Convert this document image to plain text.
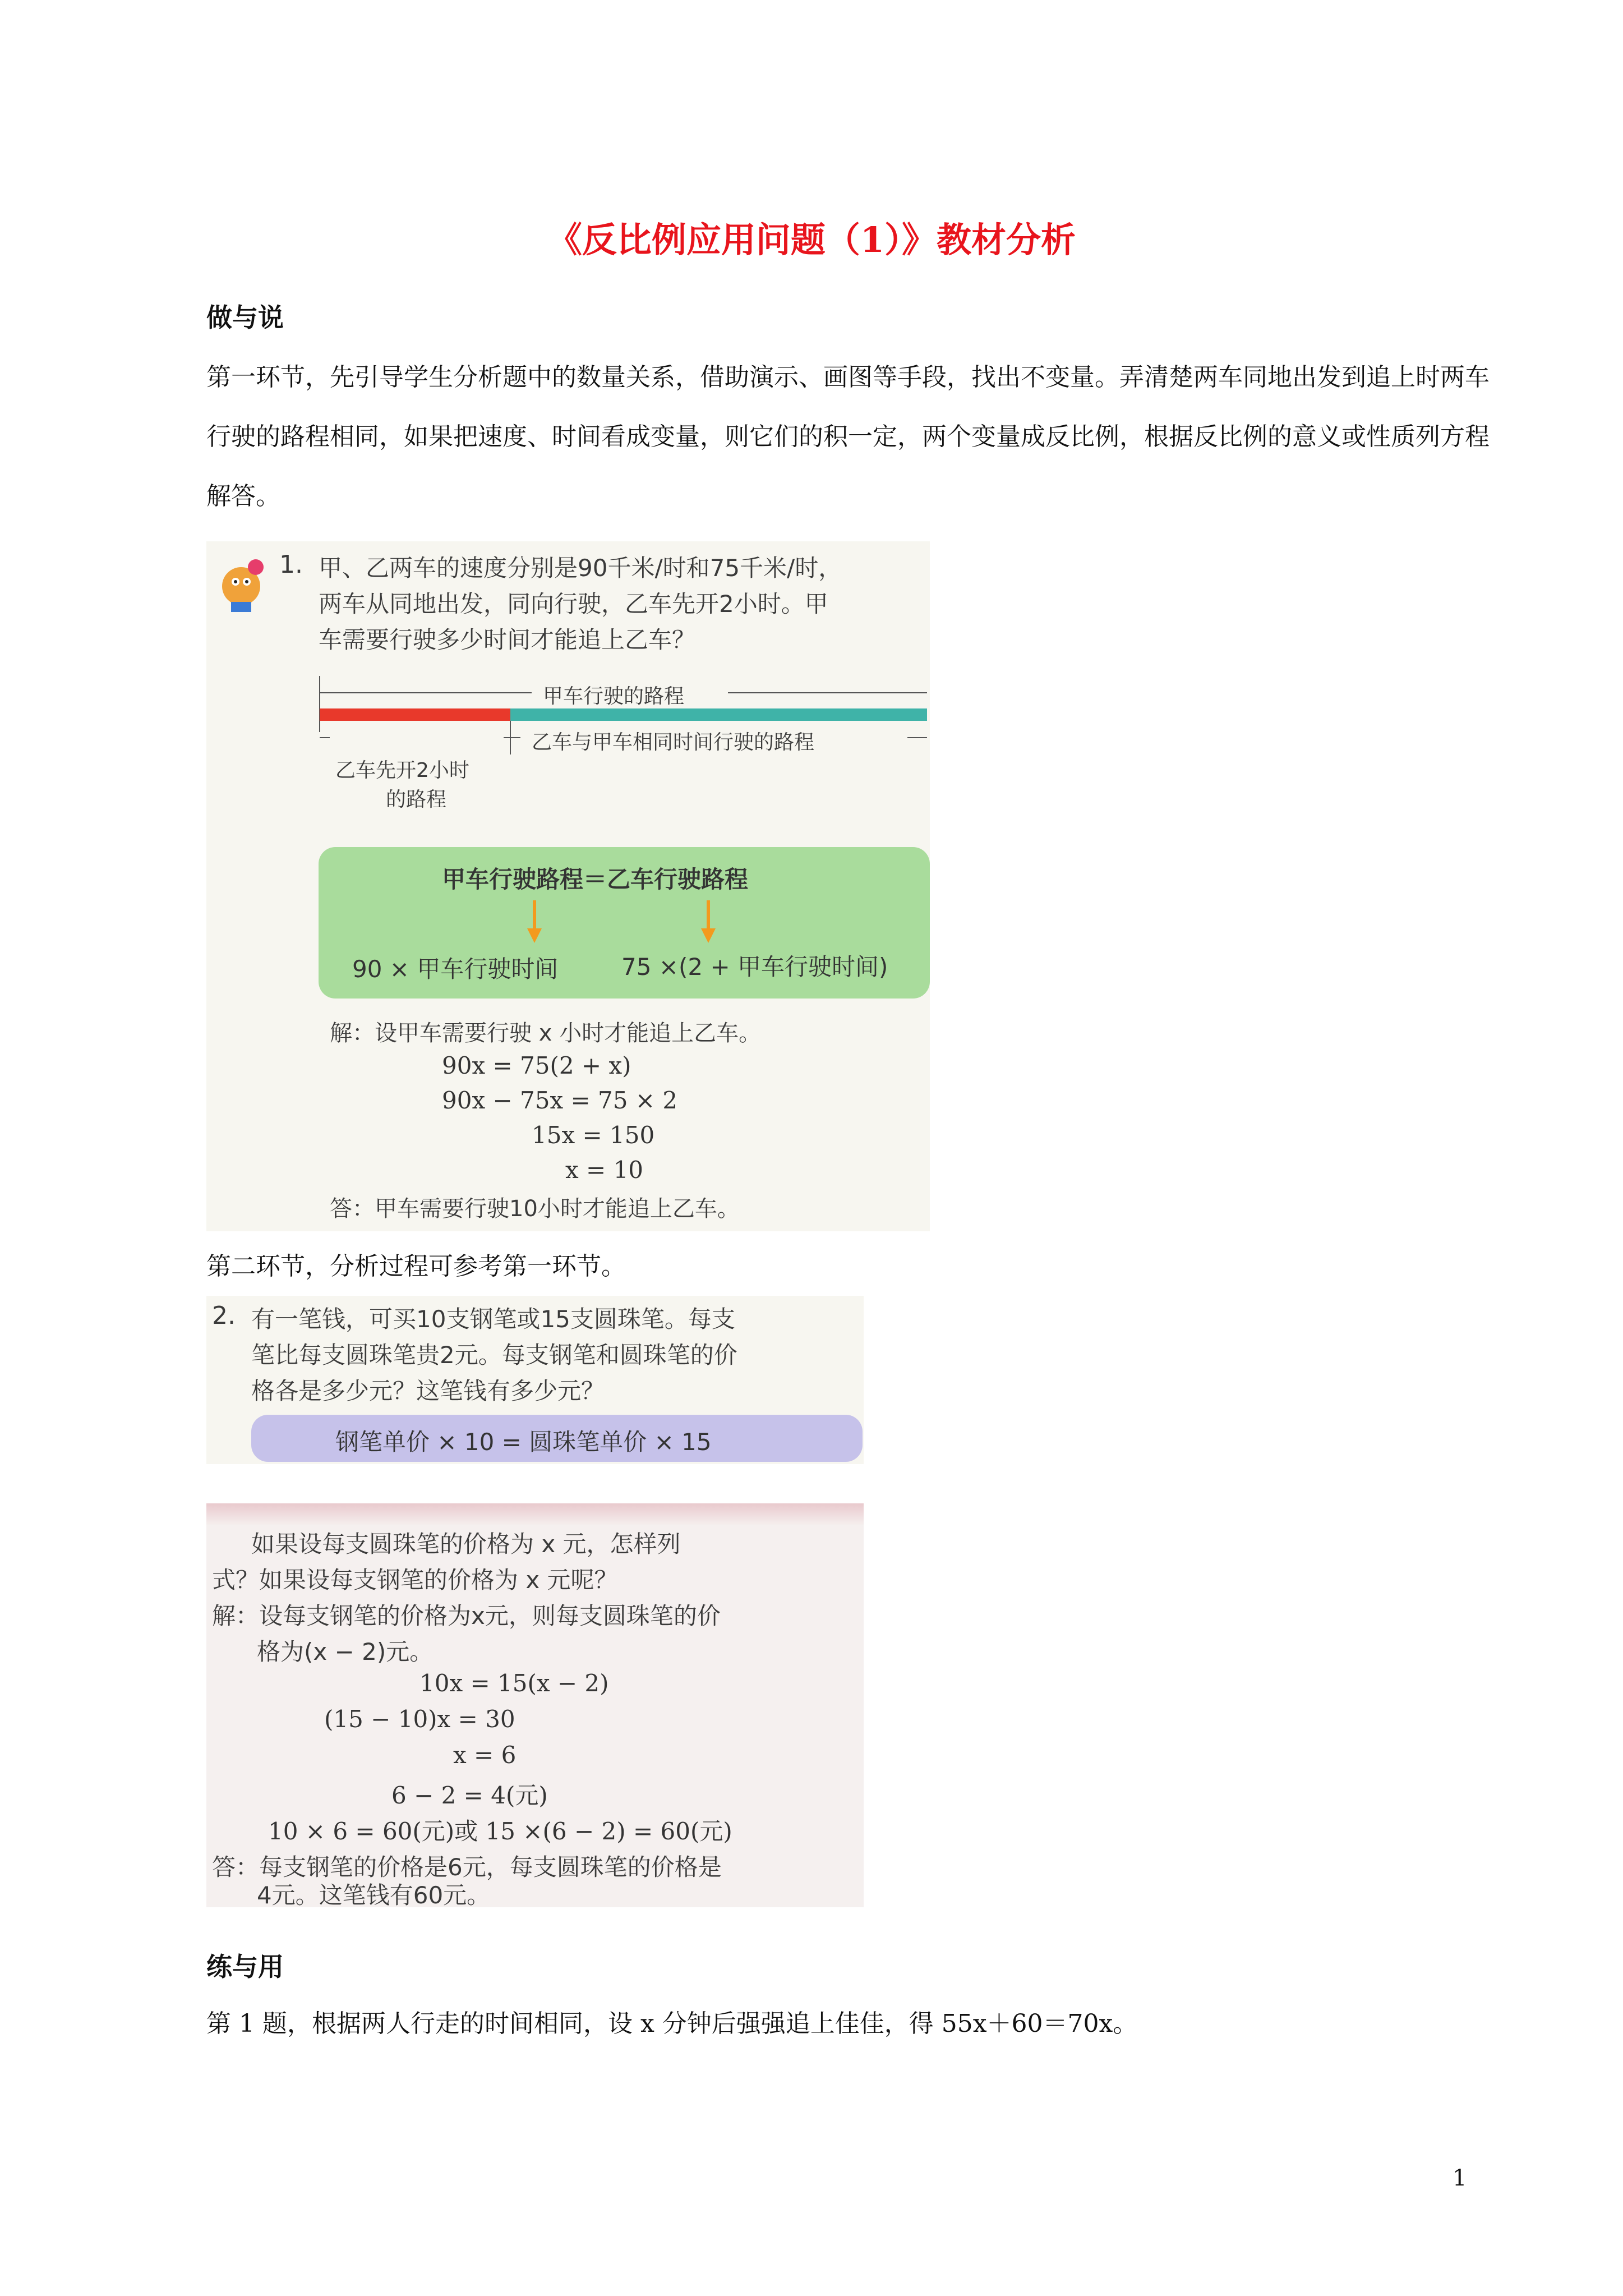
《反比例应用问题（1）》教材分析
做与说
第一环节，先引导学生分析题中的数量关系，借助演示、画图等手段，找出不变量。弄清楚两车同地出发到追上时两车行驶的路程相同，如果把速度、时间看成变量，则它们的积一定，两个变量成反比例，根据反比例的意义或性质列方程解答。
1. 甲、乙两车的速度分别是90千米/时和75千米/时，
两车从同地出发，同向行驶，乙车先开2小时。甲
车需要行驶多少时间才能追上乙车？
甲车行驶的路程
乙车先开2小时
的路程
乙车与甲车相同时间行驶的路程
甲车行驶路程＝乙车行驶路程
90 × 甲车行驶时间	75 ×(2 + 甲车行驶时间)
解：设甲车需要行驶 x 小时才能追上乙车。
90x = 75(2 + x)
90x − 75x = 75 × 2
15x = 150
x = 10
答：甲车需要行驶10小时才能追上乙车。
第二环节，分析过程可参考第一环节。
2. 有一笔钱，可买10支钢笔或15支圆珠笔。每支
笔比每支圆珠笔贵2元。每支钢笔和圆珠笔的价
格各是多少元？这笔钱有多少元？
钢笔单价 × 10 = 圆珠笔单价 × 15
如果设每支圆珠笔的价格为 x 元，怎样列
式？如果设每支钢笔的价格为 x 元呢？
解：设每支钢笔的价格为x元，则每支圆珠笔的价
格为(x − 2)元。
10x = 15(x − 2)
(15 − 10)x = 30
x = 6
6 − 2 = 4(元)
10 × 6 = 60(元)或 15 ×(6 − 2) = 60(元)
答：每支钢笔的价格是6元，每支圆珠笔的价格是
4元。这笔钱有60元。
练与用
第 1 题，根据两人行走的时间相同，设 x 分钟后强强追上佳佳，得 55x＋60＝70x。
1
